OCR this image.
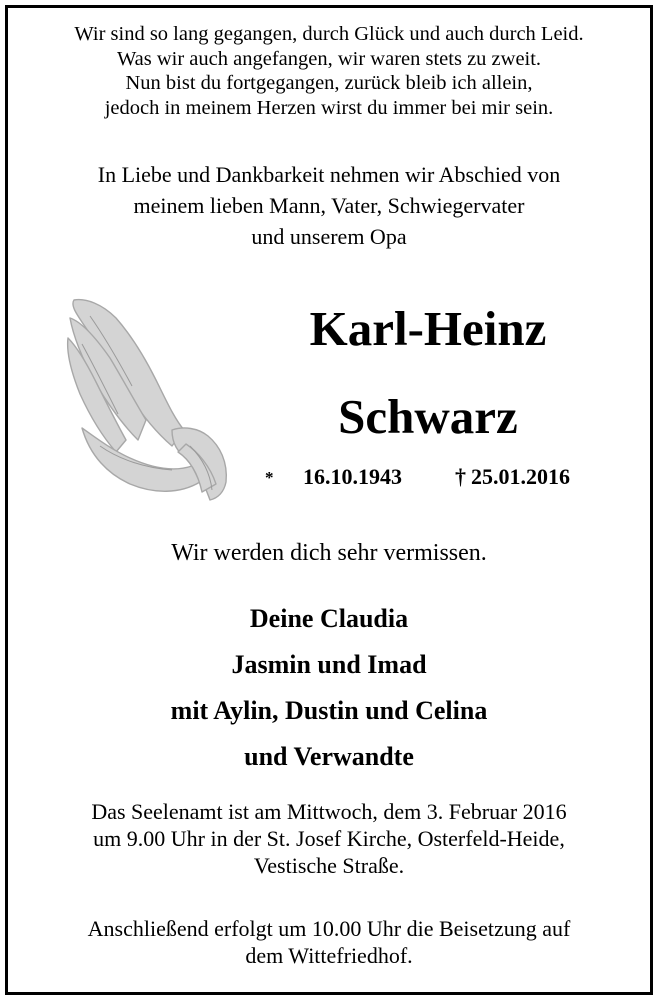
Wir sind so lang gegangen, durch Glück und auch durch Leid.
Was wir auch angefangen, wir waren stets zu zweit.
Nun bist du fortgegangen, zurück bleib ich allein,
jedoch in meinem Herzen wirst du immer bei mir sein.
In Liebe und Dankbarkeit nehmen wir Abschied von
meinem lieben Mann, Vater, Schwiegervater
und unserem Opa
Karl-Heinz
Schwarz
* 16.10.1943 † 25.01.2016
Wir werden dich sehr vermissen.
Deine Claudia
Jasmin und Imad
mit Aylin, Dustin und Celina
und Verwandte
Das Seelenamt ist am Mittwoch, dem 3. Februar 2016
um 9.00 Uhr in der St. Josef Kirche, Osterfeld-Heide,
Vestische Straße.
Anschließend erfolgt um 10.00 Uhr die Beisetzung auf
dem Wittefriedhof.
